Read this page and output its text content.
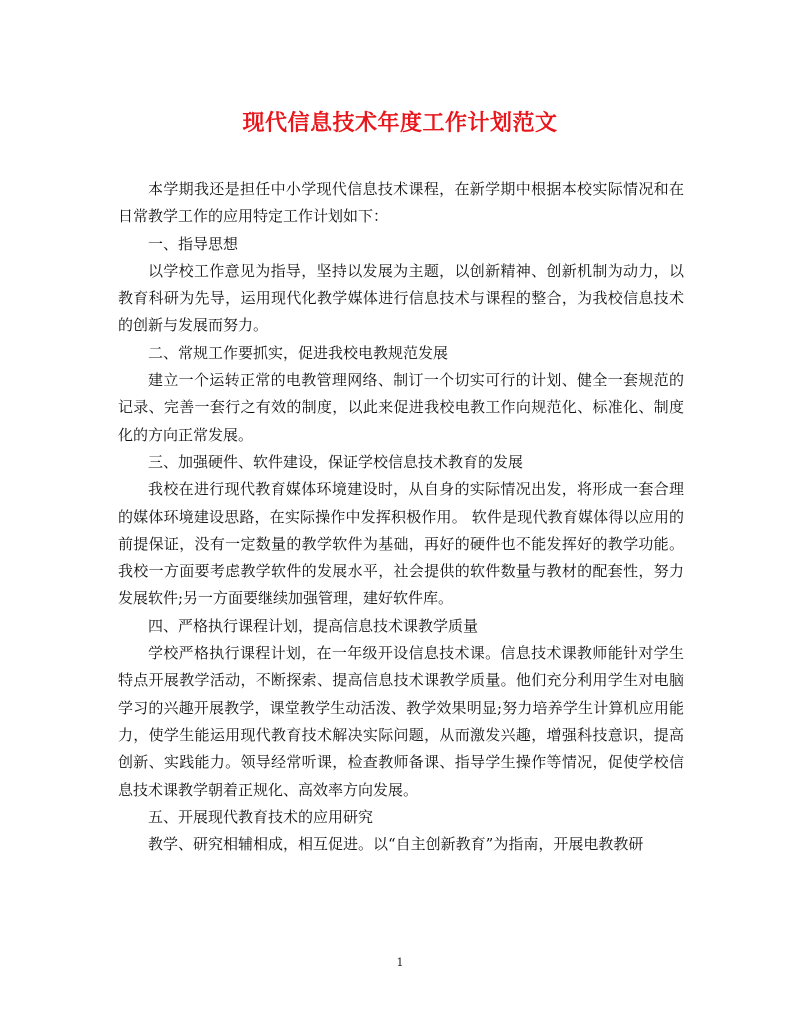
现代信息技术年度工作计划范文

本学期我还是担任中小学现代信息技术课程，在新学期中根据本校实际情况和在日常教学工作的应用特定工作计划如下：

一、指导思想

以学校工作意见为指导，坚持以发展为主题，以创新精神、创新机制为动力，以教育科研为先导，运用现代化教学媒体进行信息技术与课程的整合，为我校信息技术的创新与发展而努力。

二、常规工作要抓实，促进我校电教规范发展

建立一个运转正常的电教管理网络、制订一个切实可行的计划、健全一套规范的记录、完善一套行之有效的制度，以此来促进我校电教工作向规范化、标准化、制度化的方向正常发展。

三、加强硬件、软件建设，保证学校信息技术教育的发展

我校在进行现代教育媒体环境建设时，从自身的实际情况出发，将形成一套合理的媒体环境建设思路，在实际操作中发挥积极作用。 软件是现代教育媒体得以应用的前提保证，没有一定数量的教学软件为基础，再好的硬件也不能发挥好的教学功能。我校一方面要考虑教学软件的发展水平，社会提供的软件数量与教材的配套性，努力发展软件;另一方面要继续加强管理，建好软件库。

四、严格执行课程计划，提高信息技术课教学质量

学校严格执行课程计划，在一年级开设信息技术课。信息技术课教师能针对学生特点开展教学活动，不断探索、提高信息技术课教学质量。他们充分利用学生对电脑学习的兴趣开展教学，课堂教学生动活泼、教学效果明显;努力培养学生计算机应用能力，使学生能运用现代教育技术解决实际问题，从而激发兴趣，增强科技意识，提高创新、实践能力。领导经常听课，检查教师备课、指导学生操作等情况，促使学校信息技术课教学朝着正规化、高效率方向发展。

五、开展现代教育技术的应用研究

教学、研究相辅相成，相互促进。以“自主创新教育”为指南，开展电教教研

1
